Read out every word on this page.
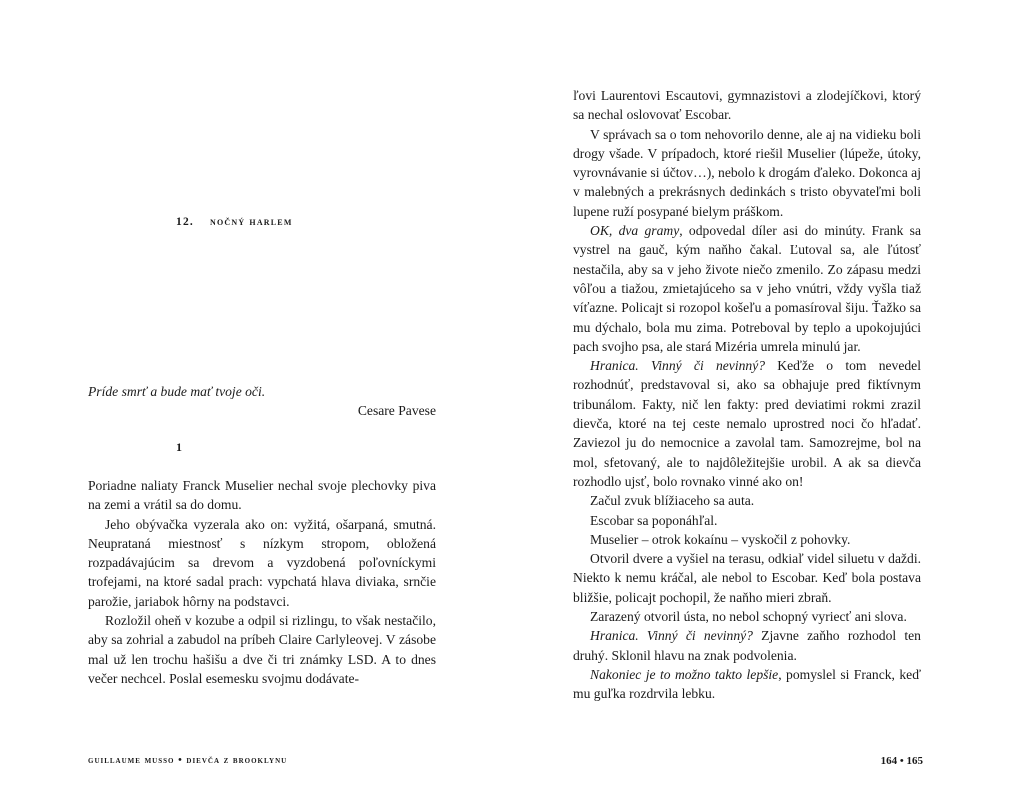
12. nočný harlem
Príde smrť a bude mať tvoje oči.
Cesare Pavese
1

Poriadne naliaty Franck Muselier nechal svoje plechovky piva na zemi a vrátil sa do domu.

Jeho obývačka vyzerala ako on: vyžitá, ošarpaná, smutná. Neuprataná miestnosť s nízkym stropom, obložená rozpadávajúcim sa drevom a vyzdobená poľovníckymi trofejami, na ktoré sadal prach: vypchatá hlava diviaka, srnčie parožie, jariabok hôrny na podstavci.

Rozložil oheň v kozube a odpil si rizlingu, to však nestačilo, aby sa zohrial a zabudol na príbeh Claire Carlyleovej. V zásobe mal už len trochu hašišu a dve či tri známky LSD. A to dnes večer nechcel. Poslal esemesku svojmu dodávate-

guillaume musso • dievča z brooklynu

ľovi Laurentovi Escautovi, gymnazistovi a zlodejíčkovi, ktorý sa nechal oslovovať Escobar.

V správach sa o tom nehovorilo denne, ale aj na vidieku boli drogy všade. V prípadoch, ktoré riešil Muselier (lúpeže, útoky, vyrovnávanie si účtov…), nebolo k drogám ďaleko. Dokonca aj v malebných a prekrásnych dedinkách s tristo obyvateľmi boli lupene ruží posypané bielym práškom.

OK, dva gramy, odpovedal díler asi do minúty. Frank sa vystrel na gauč, kým naňho čakal. Ľutoval sa, ale ľútosť nestačila, aby sa v jeho živote niečo zmenilo. Zo zápasu medzi vôľou a tiažou, zmietajúceho sa v jeho vnútri, vždy vyšla tiaž víťazne. Policajt si rozopol košeľu a pomasíroval šiju. Ťažko sa mu dýchalo, bola mu zima. Potreboval by teplo a upokojujúci pach svojho psa, ale stará Mizéria umrela minulú jar.

Hranica. Vinný či nevinný? Keďže o tom nevedel rozhodnúť, predstavoval si, ako sa obhajuje pred fiktívnym tribunálom. Fakty, nič len fakty: pred deviatimi rokmi zrazil dievča, ktoré na tej ceste nemalo uprostred noci čo hľadať. Zaviezol ju do nemocnice a zavolal tam. Samozrejme, bol na mol, sfetovaný, ale to najdôležitejšie urobil. A ak sa dievča rozhodlo ujsť, bolo rovnako vinné ako on!

Začul zvuk blížiaceho sa auta.

Escobar sa poponáhľal.

Muselier – otrok kokaínu – vyskočil z pohovky.

Otvoril dvere a vyšiel na terasu, odkiaľ videl siluetu v daždi. Niekto k nemu kráčal, ale nebol to Escobar. Keď bola postava bližšie, policajt pochopil, že naňho mieri zbraň.

Zarazený otvoril ústa, no nebol schopný vyriecť ani slova.

Hranica. Vinný či nevinný? Zjavne zaňho rozhodol ten druhý. Sklonil hlavu na znak podvolenia.

Nakoniec je to možno takto lepšie, pomyslel si Franck, keď mu guľka rozdrvila lebku.

164 • 165
